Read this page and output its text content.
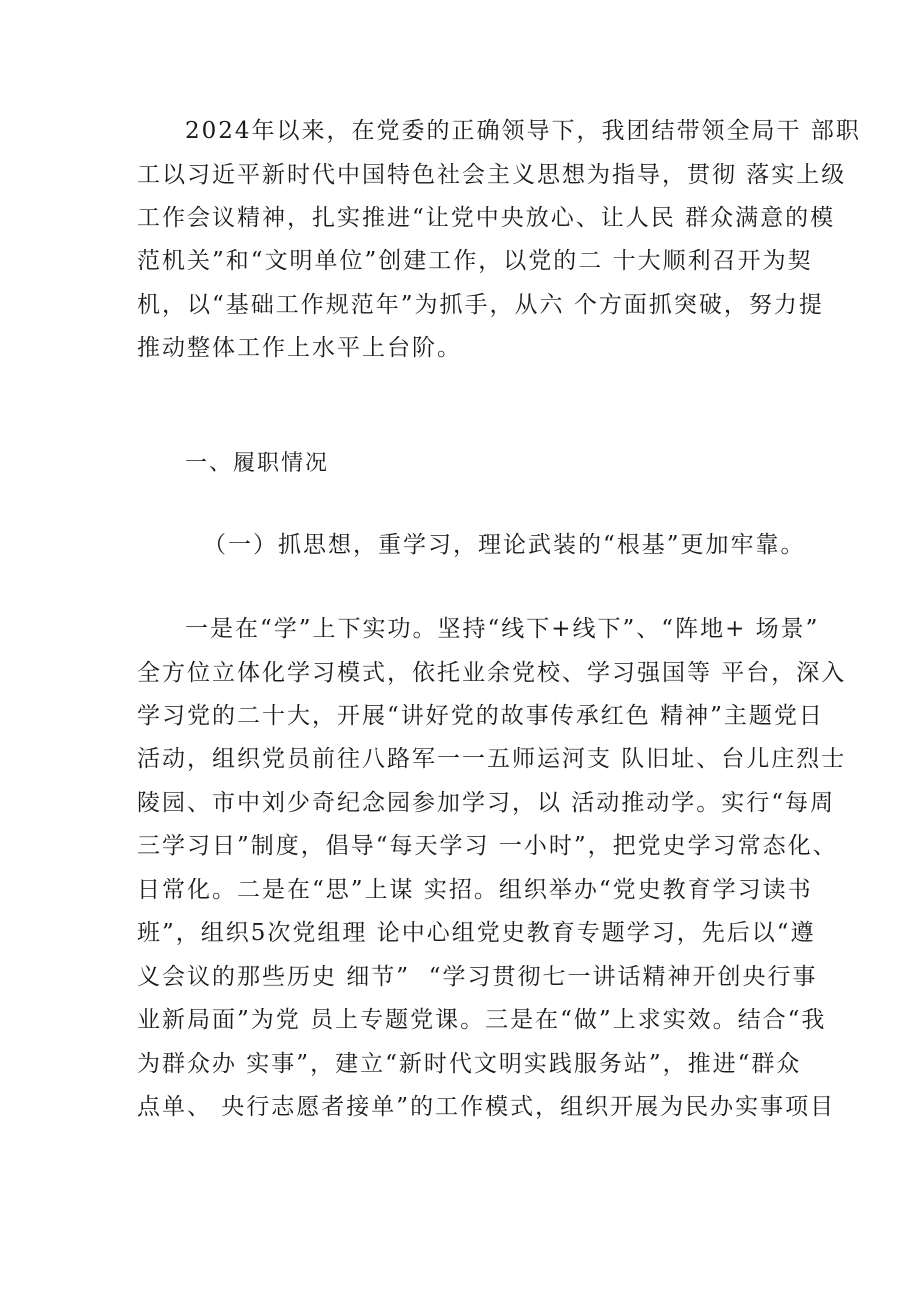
2024年以来，在党委的正确领导下，我团结带领全局干 部职
工以习近平新时代中国特色社会主义思想为指导，贯彻 落实上级
工作会议精神，扎实推进“让党中央放心、让人民 群众满意的模
范机关”和“文明单位”创建工作，以党的二 十大顺利召开为契
机，以“基础工作规范年”为抓手，从六 个方面抓突破，努力提
推动整体工作上水平上台阶。
一、履职情况
（一）抓思想，重学习，理论武装的“根基”更加牢靠。
一是在“学”上下实功。坚持“线下+线下”、“阵地+ 场景”
全方位立体化学习模式，依托业余党校、学习强国等 平台，深入
学习党的二十大，开展“讲好党的故事传承红色 精神”主题党日
活动，组织党员前往八路军一一五师运河支 队旧址、台儿庄烈士
陵园、市中刘少奇纪念园参加学习，以 活动推动学。实行“每周
三学习日”制度，倡导“每天学习 一小时”，把党史学习常态化、
日常化。二是在“思”上谋 实招。组织举办“党史教育学习读书
班”，组织5次党组理 论中心组党史教育专题学习，先后以“遵
义会议的那些历史 细节”  “学习贯彻七一讲话精神开创央行事
业新局面”为党 员上专题党课。三是在“做”上求实效。结合“我
为群众办 实事”，建立“新时代文明实践服务站”，推进“群众
点单、 央行志愿者接单”的工作模式，组织开展为民办实事项目
